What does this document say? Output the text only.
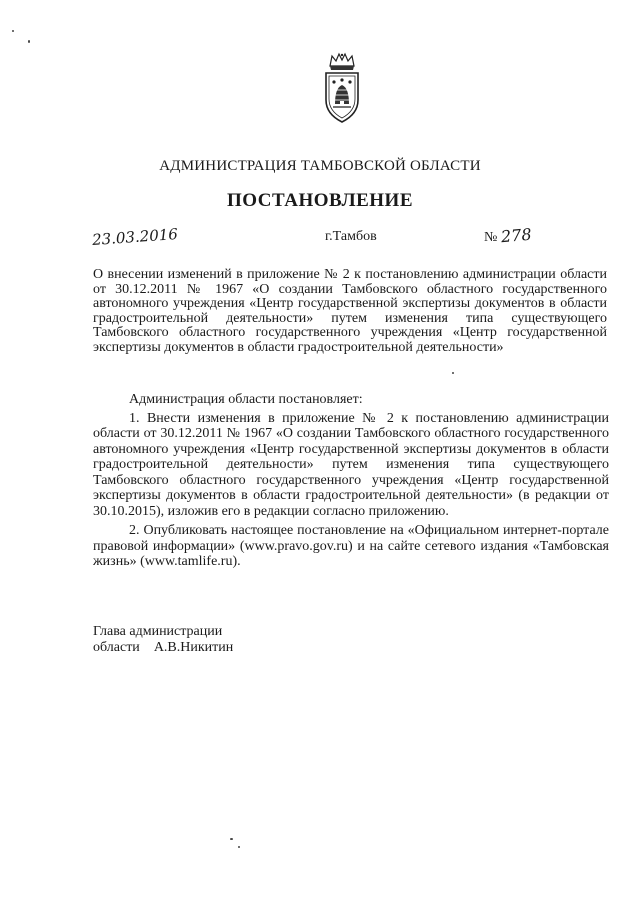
АДМИНИСТРАЦИЯ ТАМБОВСКОЙ ОБЛАСТИ
ПОСТАНОВЛЕНИЕ
23.03.2016	г.Тамбов	№ 278
О внесении изменений в приложение № 2 к постановлению администрации области от 30.12.2011 № 1967 «О создании Тамбовского областного государственного автономного учреждения «Центр государственной экспертизы документов в области градостроительной деятельности» путем изменения типа существующего Тамбовского областного государственного учреждения «Центр государственной экспертизы документов в области градостроительной деятельности»

Администрация области постановляет:

1. Внести изменения в приложение № 2 к постановлению администрации области от 30.12.2011 № 1967 «О создании Тамбовского областного государственного автономного учреждения «Центр государственной экспертизы документов в области градостроительной деятельности» путем изменения типа существующего Тамбовского областного государственного учреждения «Центр государственной экспертизы документов в области градостроительной деятельности» (в редакции от 30.10.2015), изложив его в редакции согласно приложению.

2. Опубликовать настоящее постановление на «Официальном интернет-портале правовой информации» (www.pravo.gov.ru) и на сайте сетевого издания «Тамбовская жизнь» (www.tamlife.ru).

Глава администрации
области А.В.Никитин
